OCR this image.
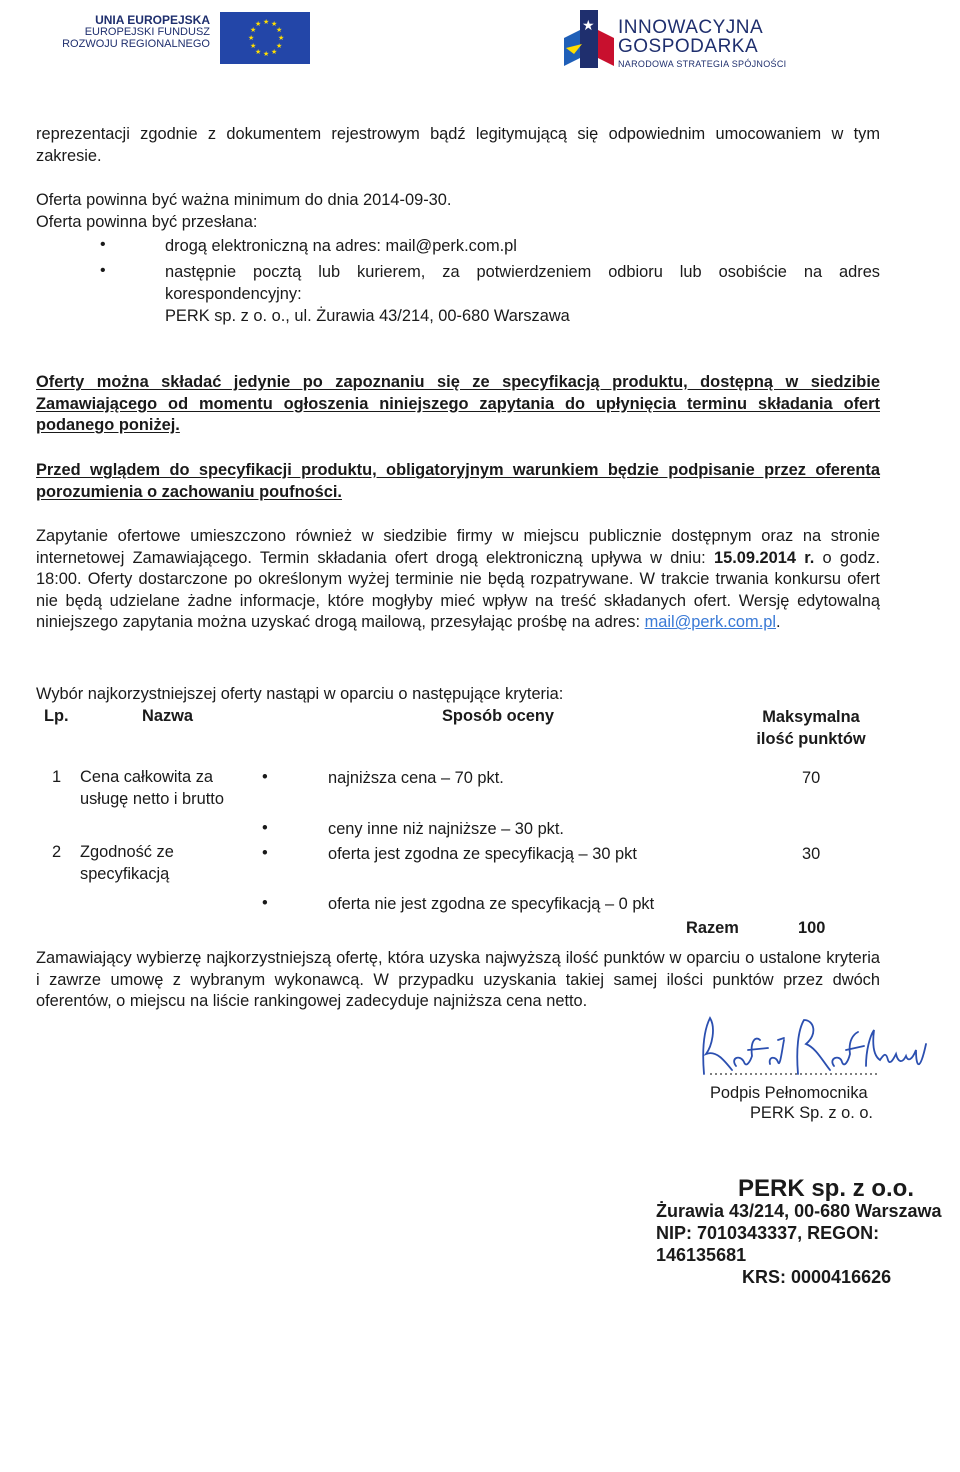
UNIA EUROPEJSKA
EUROPEJSKI FUNDUSZ
ROZWOJU REGIONALNEGO
★ ★
★
★
★
★
★
★
★
★
★
★	★ INNOWACYJNA
GOSPODARKA
NARODOWA STRATEGIA SPÓJNOŚCI
reprezentacji zgodnie z dokumentem rejestrowym bądź legitymującą się odpowiednim umocowaniem w tym zakresie.
Oferta powinna być ważna minimum do dnia 2014-09-30.
Oferta powinna być przesłana:
•	drogą elektroniczną na adres: mail@perk.com.pl
•	następnie pocztą lub kurierem, za potwierdzeniem odbioru lub osobiście na adres korespondencyjny:
PERK sp. z o. o., ul. Żurawia 43/214, 00-680 Warszawa
Oferty można składać jedynie po zapoznaniu się ze specyfikacją produktu, dostępną w siedzibie Zamawiającego od momentu ogłoszenia niniejszego zapytania do upłynięcia terminu składania ofert podanego poniżej.
Przed wglądem do specyfikacji produktu, obligatoryjnym warunkiem będzie podpisanie przez oferenta porozumienia o zachowaniu poufności.
Zapytanie ofertowe umieszczono również w siedzibie firmy w miejscu publicznie dostępnym oraz na stronie internetowej Zamawiającego. Termin składania ofert drogą elektroniczną upływa w dniu: 15.09.2014 r. o godz. 18:00. Oferty dostarczone po określonym wyżej terminie nie będą rozpatrywane. W trakcie trwania konkursu ofert nie będą udzielane żadne informacje, które mogłyby mieć wpływ na treść składanych ofert. Wersję edytowalną niniejszego zapytania można uzyskać drogą mailową, przesyłając prośbę na adres: mail@perk.com.pl.
Wybór najkorzystniejszej oferty nastąpi w oparciu o następujące kryteria:
Lp.	Nazwa	Sposób oceny	Maksymalna
ilość punktów
1 Cena całkowita za
usługę netto i brutto
•	najniższa cena – 70 pkt.	70
•	ceny inne niż najniższe – 30 pkt.
2 Zgodność ze
specyfikacją
•	oferta jest zgodna ze specyfikacją – 30 pkt	30
•	oferta nie jest zgodna ze specyfikacją – 0 pkt
Razem	100
Zamawiający wybierzę najkorzystniejszą ofertę, która uzyska najwyższą ilość punktów w oparciu o ustalone kryteria i zawrze umowę z wybranym wykonawcą. W przypadku uzyskania takiej samej ilości punktów przez dwóch oferentów, o miejscu na liście rankingowej zadecyduje najniższa cena netto.
Podpis Pełnomocnika
PERK Sp. z o. o.
PERK sp. z o.o.
Żurawia 43/214, 00-680 Warszawa
NIP: 7010343337, REGON: 146135681
KRS: 0000416626
